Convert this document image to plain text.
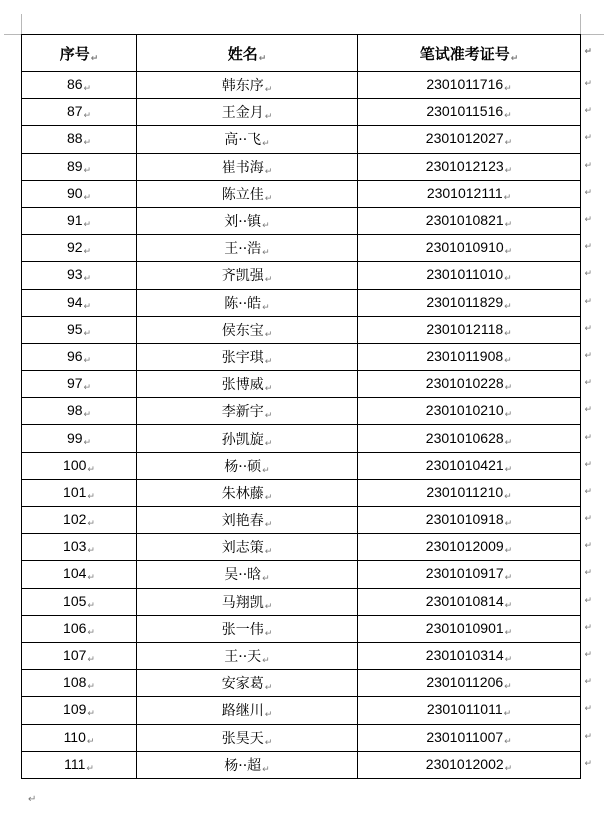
序号↵	姓名↵	笔试准考证号↵
↵

86↵	韩东序↵	2301011716↵ ↵

87↵	王金月↵	2301011516↵ ↵

88↵	高··飞↵	2301012027↵ ↵

89↵	崔书海↵	2301012123↵ ↵

90↵	陈立佳↵	2301012111↵ ↵

91↵	刘··镇↵	2301010821↵ ↵

92↵	王··浩↵	2301010910↵ ↵

93↵	齐凯强↵	2301011010↵ ↵

94↵	陈··皓↵	2301011829↵ ↵

95↵	侯东宝↵	2301012118↵ ↵

96↵	张宇琪↵	2301011908↵ ↵

97↵	张博威↵	2301010228↵ ↵

98↵	李新宇↵	2301010210↵ ↵

99↵	孙凯旋↵	2301010628↵ ↵

100↵	杨··硕↵	2301010421↵ ↵

101↵	朱林藤↵	2301011210↵ ↵

102↵	刘艳春↵	2301010918↵ ↵

103↵	刘志策↵	2301012009↵ ↵

104↵	吴··晗↵	2301010917↵ ↵

105↵	马翔凯↵	2301010814↵ ↵

106↵	张一伟↵	2301010901↵ ↵

107↵	王··天↵	2301010314↵ ↵

108↵	安家葛↵	2301011206↵ ↵

109↵	路继川↵	2301011011↵ ↵

110↵	张昊天↵	2301011007↵ ↵

111↵	杨··超↵	2301012002↵ ↵
↵
